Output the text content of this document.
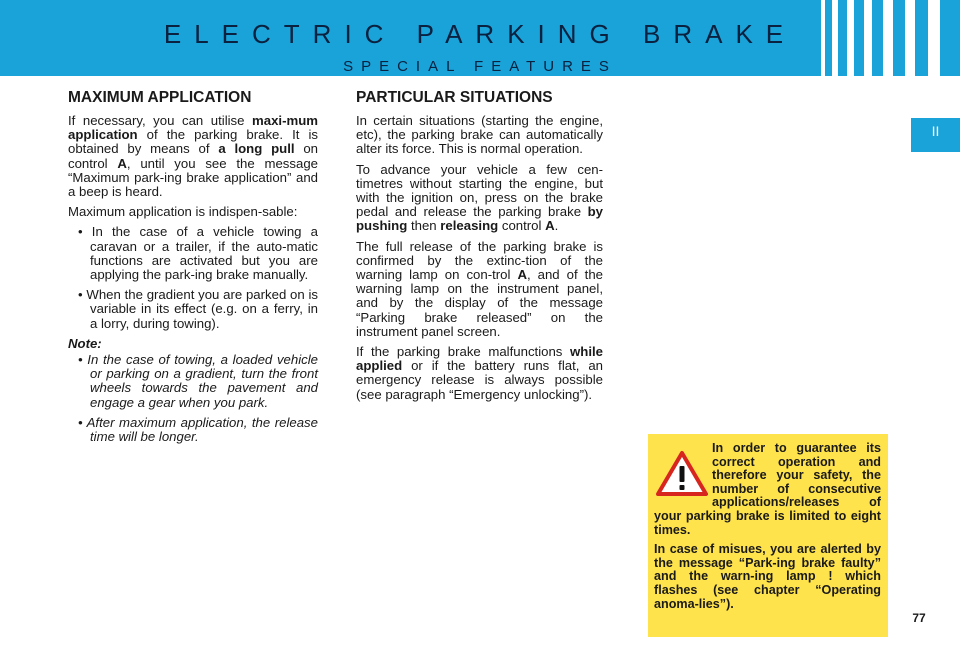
ELECTRIC PARKING BRAKE
SPECIAL FEATURES
II
MAXIMUM APPLICATION
If necessary, you can utilise maxi-mum application of the parking brake. It is obtained by means of a long pull on control A, until you see the message “Maximum park-ing brake application” and a beep is heard.
Maximum application is indispen-sable:
• In the case of a vehicle towing a caravan or a trailer, if the auto-matic functions are activated but you are applying the park-ing brake manually.
• When the gradient you are parked on is variable in its effect (e.g. on a ferry, in a lorry, during towing).
Note:
• In the case of towing, a loaded vehicle or parking on a gradient, turn the front wheels towards the pavement and engage a gear when you park.
• After maximum application, the release time will be longer.
PARTICULAR SITUATIONS
In certain situations (starting the engine, etc), the parking brake can automatically alter its force. This is normal operation.
To advance your vehicle a few cen-timetres without starting the engine, but with the ignition on, press on the brake pedal and release the parking brake by pushing then releasing control A.
The full release of the parking brake is confirmed by the extinc-tion of the warning lamp on con-trol A, and of the warning lamp on the instrument panel, and by the display of the message “Parking brake released” on the instrument panel screen.
If the parking brake malfunctions while applied or if the battery runs flat, an emergency release is always possible (see paragraph “Emergency unlocking”).

In order to guarantee its correct operation and therefore your safety, the number of consecutive applications/releases of your parking brake is limited to eight times.

In case of misues, you are alerted by the message “Park-ing brake faulty” and the warn-ing lamp ! which flashes (see chapter “Operating anoma-lies”).

77
